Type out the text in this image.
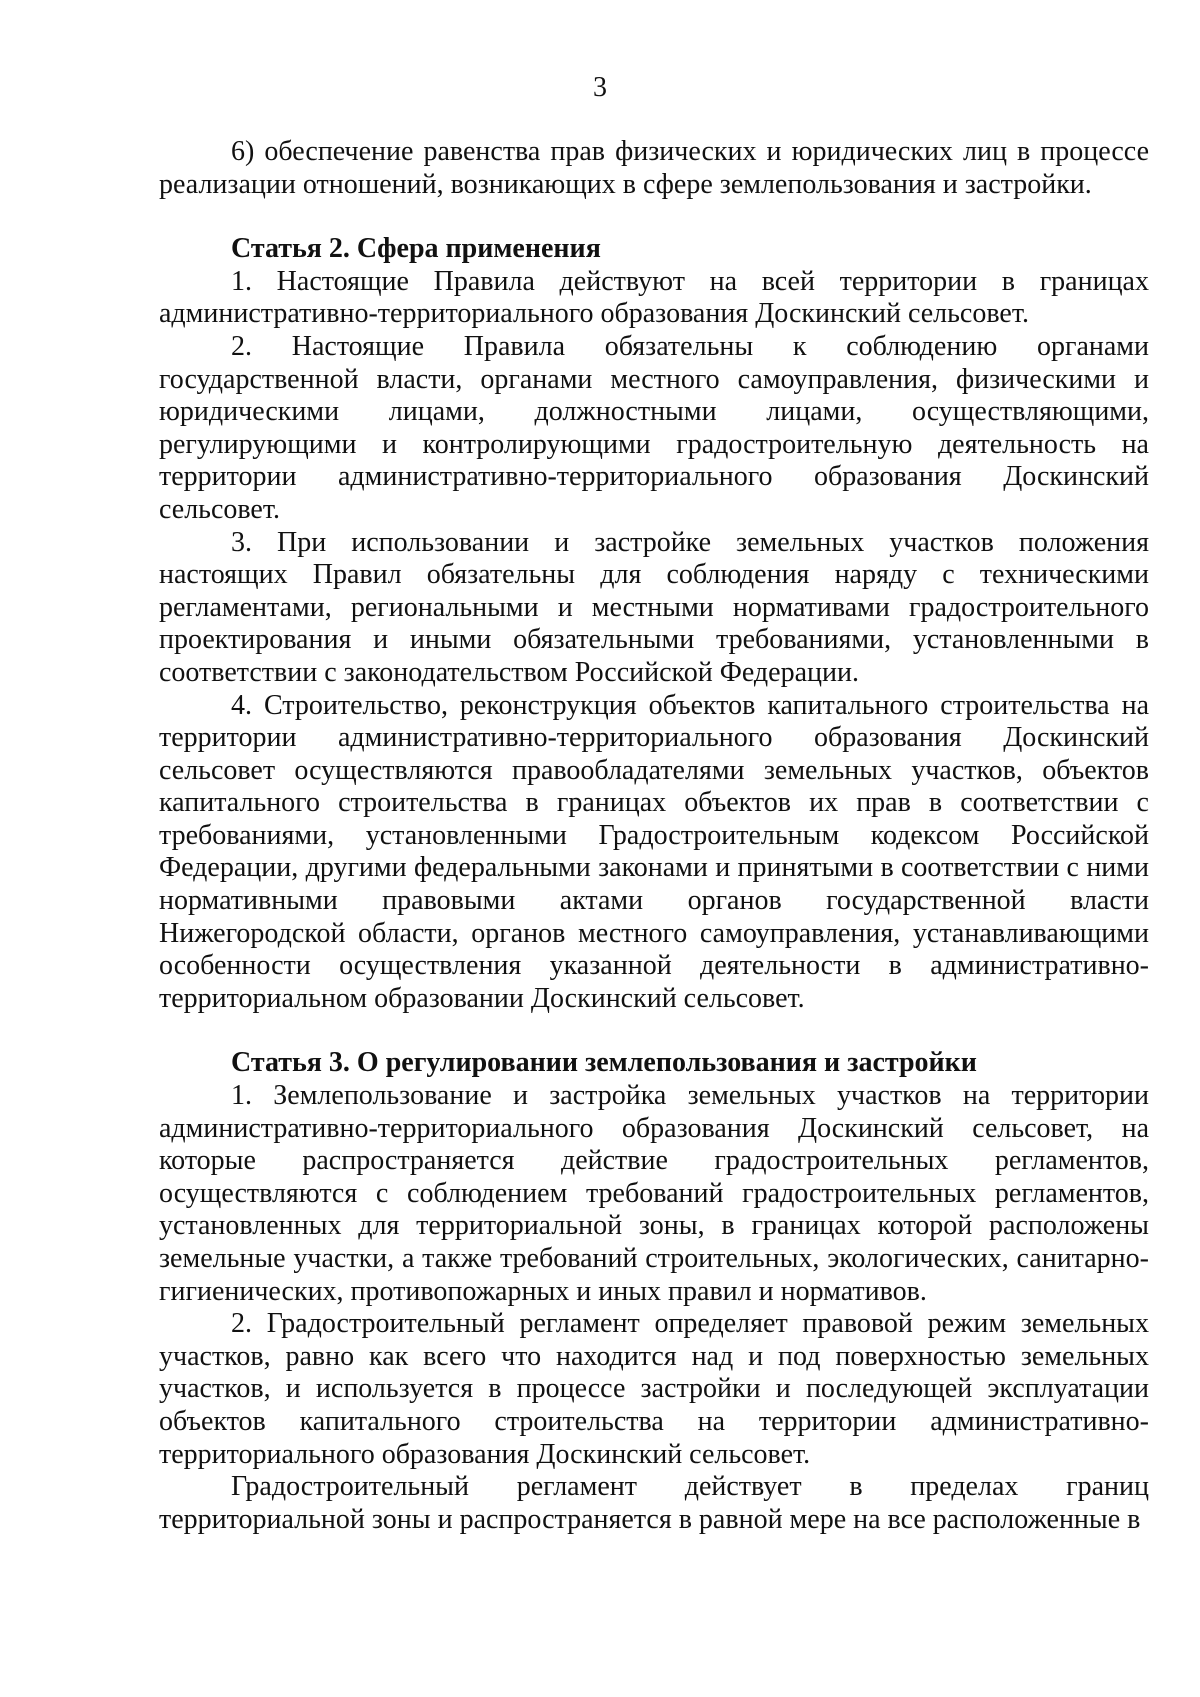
3

6) обеспечение равенства прав физических и юридических лиц в процессе реализации отношений, возникающих в сфере землепользования и застройки.

Статья 2. Сфера применения

1. Настоящие Правила действуют на всей территории в границах административно-территориального образования Доскинский сельсовет.

2. Настоящие Правила обязательны к соблюдению органами государственной власти, органами местного самоуправления, физическими и юридическими лицами, должностными лицами, осуществляющими, регулирующими и контролирующими градостроительную деятельность на территории административно-территориального образования Доскинский сельсовет.

3. При использовании и застройке земельных участков положения настоящих Правил обязательны для соблюдения наряду с техническими регламентами, региональными и местными нормативами градостроительного проектирования и иными обязательными требованиями, установленными в соответствии с законодательством Российской Федерации.

4. Строительство, реконструкция объектов капитального строительства на территории административно-территориального образования Доскинский сельсовет осуществляются правообладателями земельных участков, объектов капитального строительства в границах объектов их прав в соответствии с требованиями, установленными Градостроительным кодексом Российской Федерации, другими федеральными законами и принятыми в соответствии с ними нормативными правовыми актами органов государственной власти Нижегородской области, органов местного самоуправления, устанавливающими особенности осуществления указанной деятельности в административно-территориальном образовании Доскинский сельсовет.

Статья 3. О регулировании землепользования и застройки

1. Землепользование и застройка земельных участков на территории административно-территориального образования Доскинский сельсовет, на которые распространяется действие градостроительных регламентов, осуществляются с соблюдением требований градостроительных регламентов, установленных для территориальной зоны, в границах которой расположены земельные участки, а также требований строительных, экологических, санитарно-гигиенических, противопожарных и иных правил и нормативов.

2. Градостроительный регламент определяет правовой режим земельных участков, равно как всего что находится над и под поверхностью земельных участков, и используется в процессе застройки и последующей эксплуатации объектов капитального строительства на территории административно-территориального образования Доскинский сельсовет.

Градостроительный регламент действует в пределах границ территориальной зоны и распространяется в равной мере на все расположенные в
